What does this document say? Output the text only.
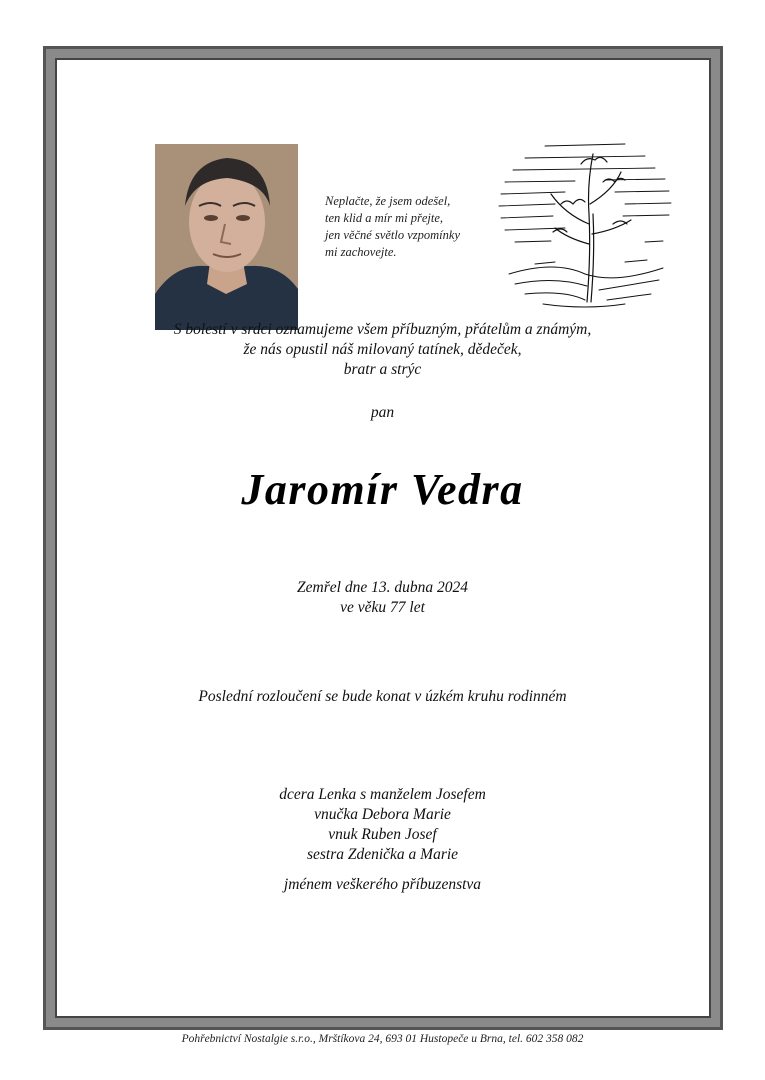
Neplačte, že jsem odešel,
ten klid a mír mi přejte,
jen věčné světlo vzpomínky
mi zachovejte.
S bolestí v srdci oznamujeme všem příbuzným, přátelům a známým,
že nás opustil náš milovaný tatínek, dědeček,
bratr a strýc
pan
Jaromír Vedra
Zemřel dne 13. dubna 2024
ve věku 77 let
Poslední rozloučení se bude konat v úzkém kruhu rodinném
dcera Lenka s manželem Josefem
vnučka Debora Marie
vnuk Ruben Josef
sestra Zdenička a Marie
jménem veškerého příbuzenstva
Pohřebnictví Nostalgie s.r.o., Mrštíkova 24, 693 01 Hustopeče u Brna, tel. 602 358 082
